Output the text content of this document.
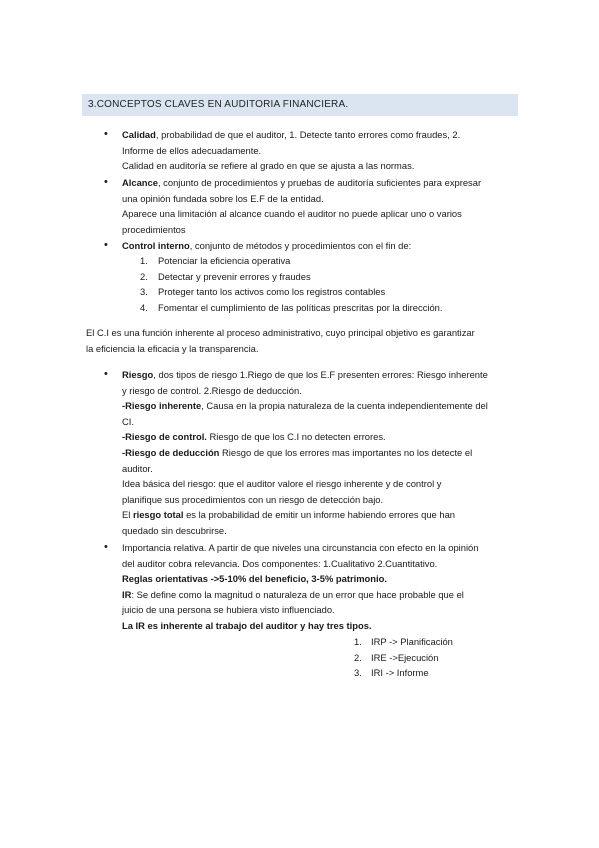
3.CONCEPTOS CLAVES EN AUDITORIA FINANCIERA.
• Calidad, probabilidad de que el auditor, 1. Detecte tanto errores como fraudes, 2.
Informe de ellos adecuadamente.
Calidad en auditoría se refiere al grado en que se ajusta a las normas.
• Alcance, conjunto de procedimientos y pruebas de auditoría suficientes para expresar
una opinión fundada sobre los E.F de la entidad.
Aparece una limitación al alcance cuando el auditor no puede aplicar uno o varios
procedimientos
• Control interno, conjunto de métodos y procedimientos con el fin de:
1. Potenciar la eficiencia operativa
2. Detectar y prevenir errores y fraudes
3. Proteger tanto los activos como los registros contables
4. Fomentar el cumplimiento de las políticas prescritas por la dirección.
El C.I es una función inherente al proceso administrativo, cuyo principal objetivo es garantizar
la eficiencia la eficacia y la transparencia.
• Riesgo, dos tipos de riesgo 1.Riego de que los E.F presenten errores: Riesgo inherente
y riesgo de control. 2.Riesgo de deducción.
-Riesgo inherente, Causa en la propia naturaleza de la cuenta independientemente del
CI.
-Riesgo de control. Riesgo de que los C.I no detecten errores.
-Riesgo de deducción Riesgo de que los errores mas importantes no los detecte el
auditor.
Idea básica del riesgo: que el auditor valore el riesgo inherente y de control y
planifique sus procedimientos con un riesgo de detección bajo.
El riesgo total es la probabilidad de emitir un informe habiendo errores que han
quedado sin descubrirse.
• Importancia relativa. A partir de que niveles una circunstancia con efecto en la opinión
del auditor cobra relevancia. Dos componentes: 1.Cualitativo 2.Cuantitativo.
Reglas orientativas ->5-10% del beneficio, 3-5% patrimonio.
IR: Se define como la magnitud o naturaleza de un error que hace probable que el
juicio de una persona se hubiera visto influenciado.
La IR es inherente al trabajo del auditor y hay tres tipos.
1. IRP -> Planificación
2. IRE ->Ejecución
3. IRI -> Informe
